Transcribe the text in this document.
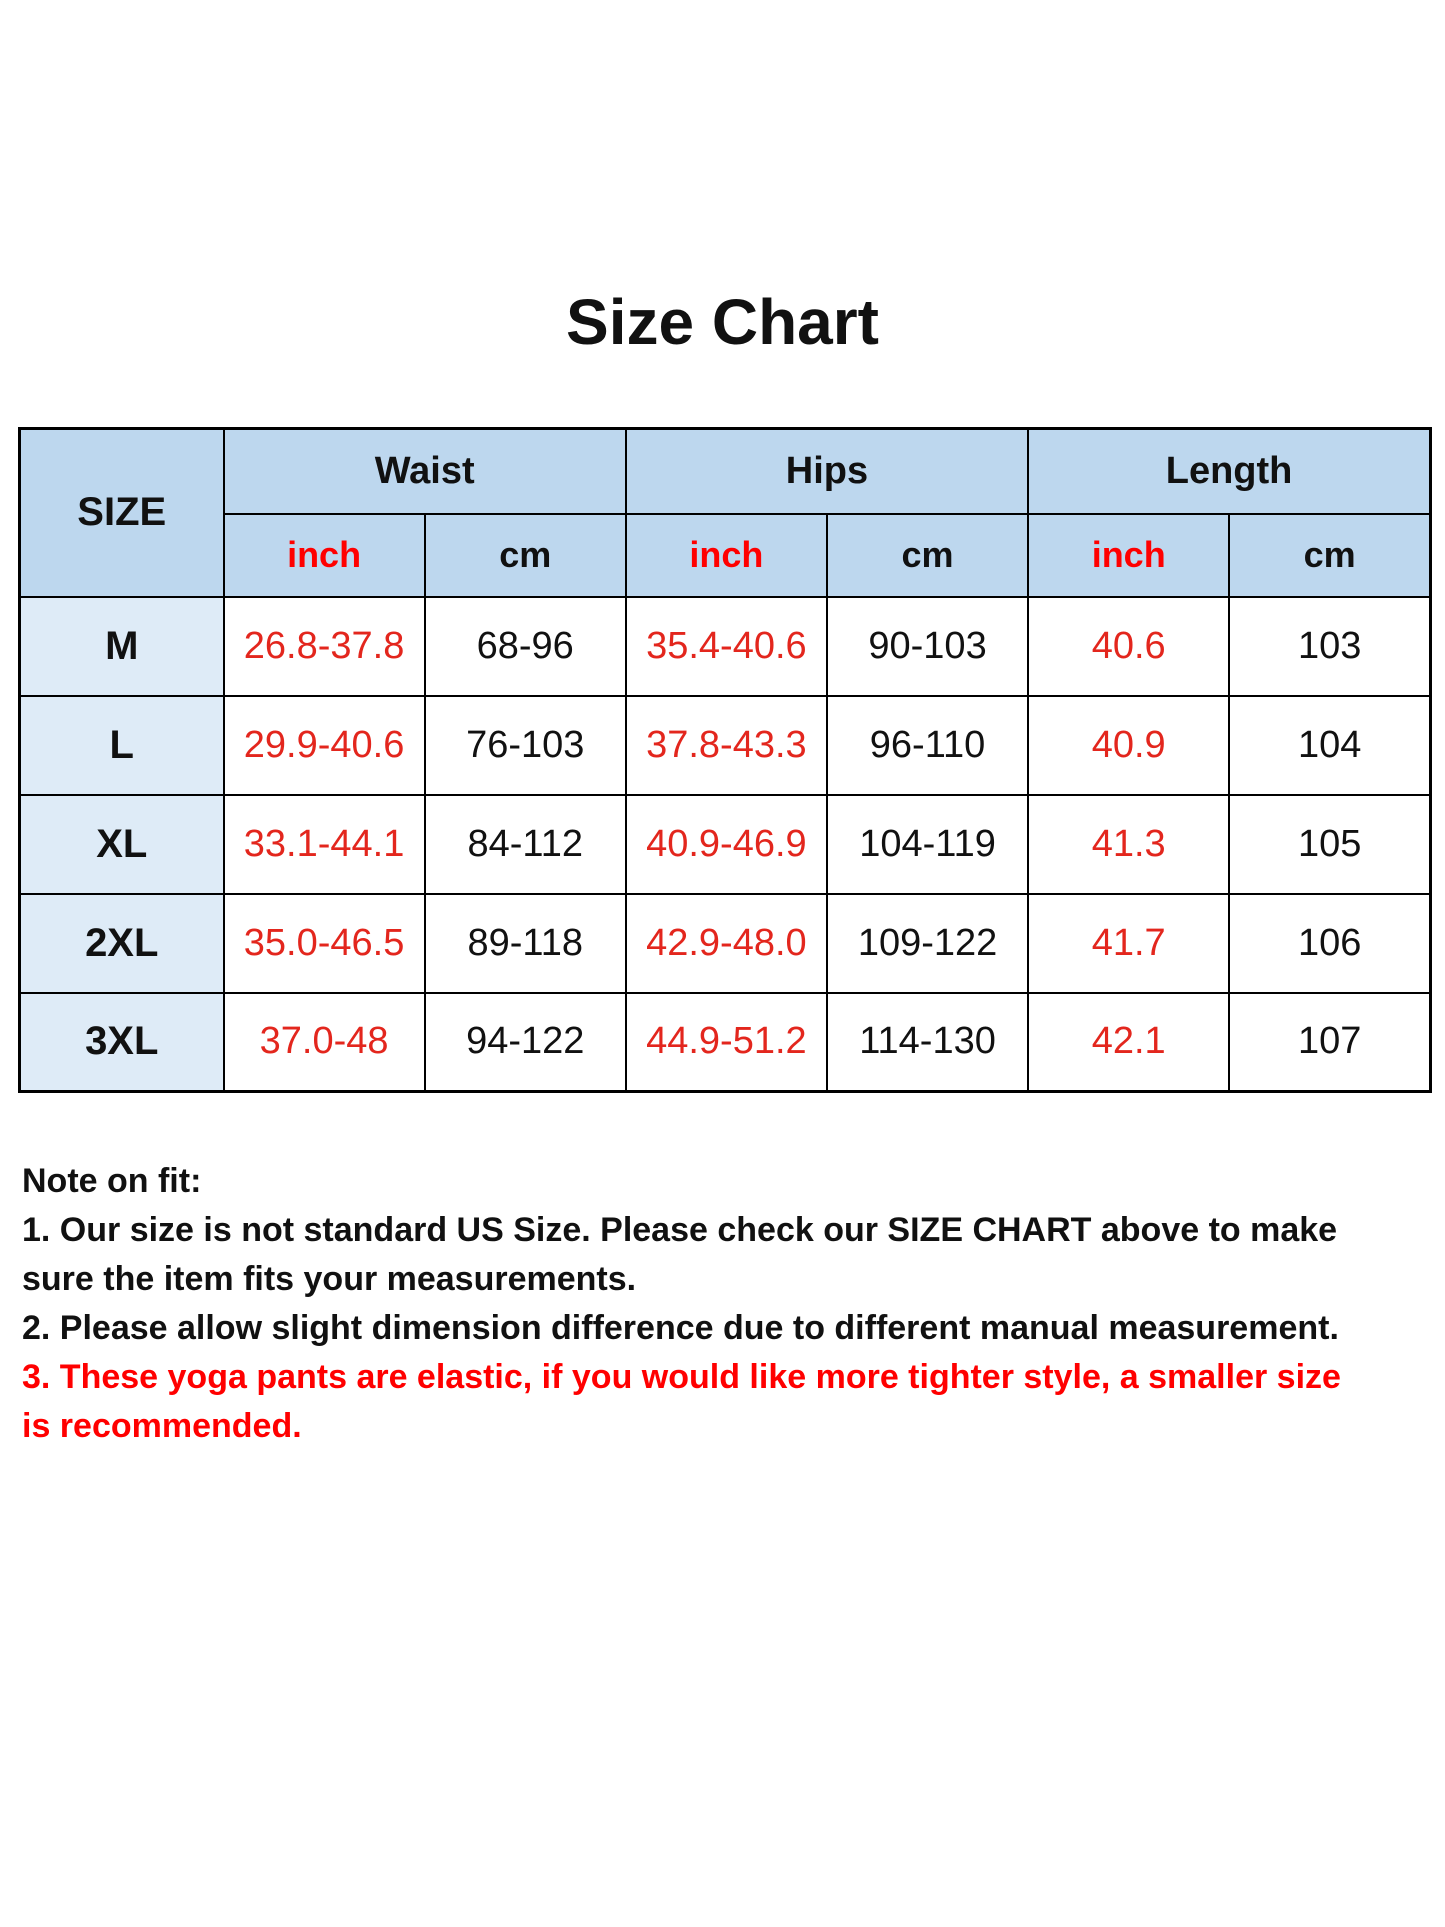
Size Chart
SIZE	Waist		Hips		Length	
	inch	cm	inch	cm	inch	cm
M	26.8-37.8	68-96	35.4-40.6	90-103	40.6	103
L	29.9-40.6	76-103	37.8-43.3	96-110	40.9	104
XL	33.1-44.1	84-112	40.9-46.9	104-119	41.3	105
2XL	35.0-46.5	89-118	42.9-48.0	109-122	41.7	106
3XL	37.0-48	94-122	44.9-51.2	114-130	42.1	107
Note on fit:
1. Our size is not standard US Size. Please check our SIZE CHART above to make
sure the item fits your measurements.
2. Please allow slight dimension difference due to different manual measurement.
3. These yoga pants are elastic, if you would like more tighter style, a smaller size
is recommended.
